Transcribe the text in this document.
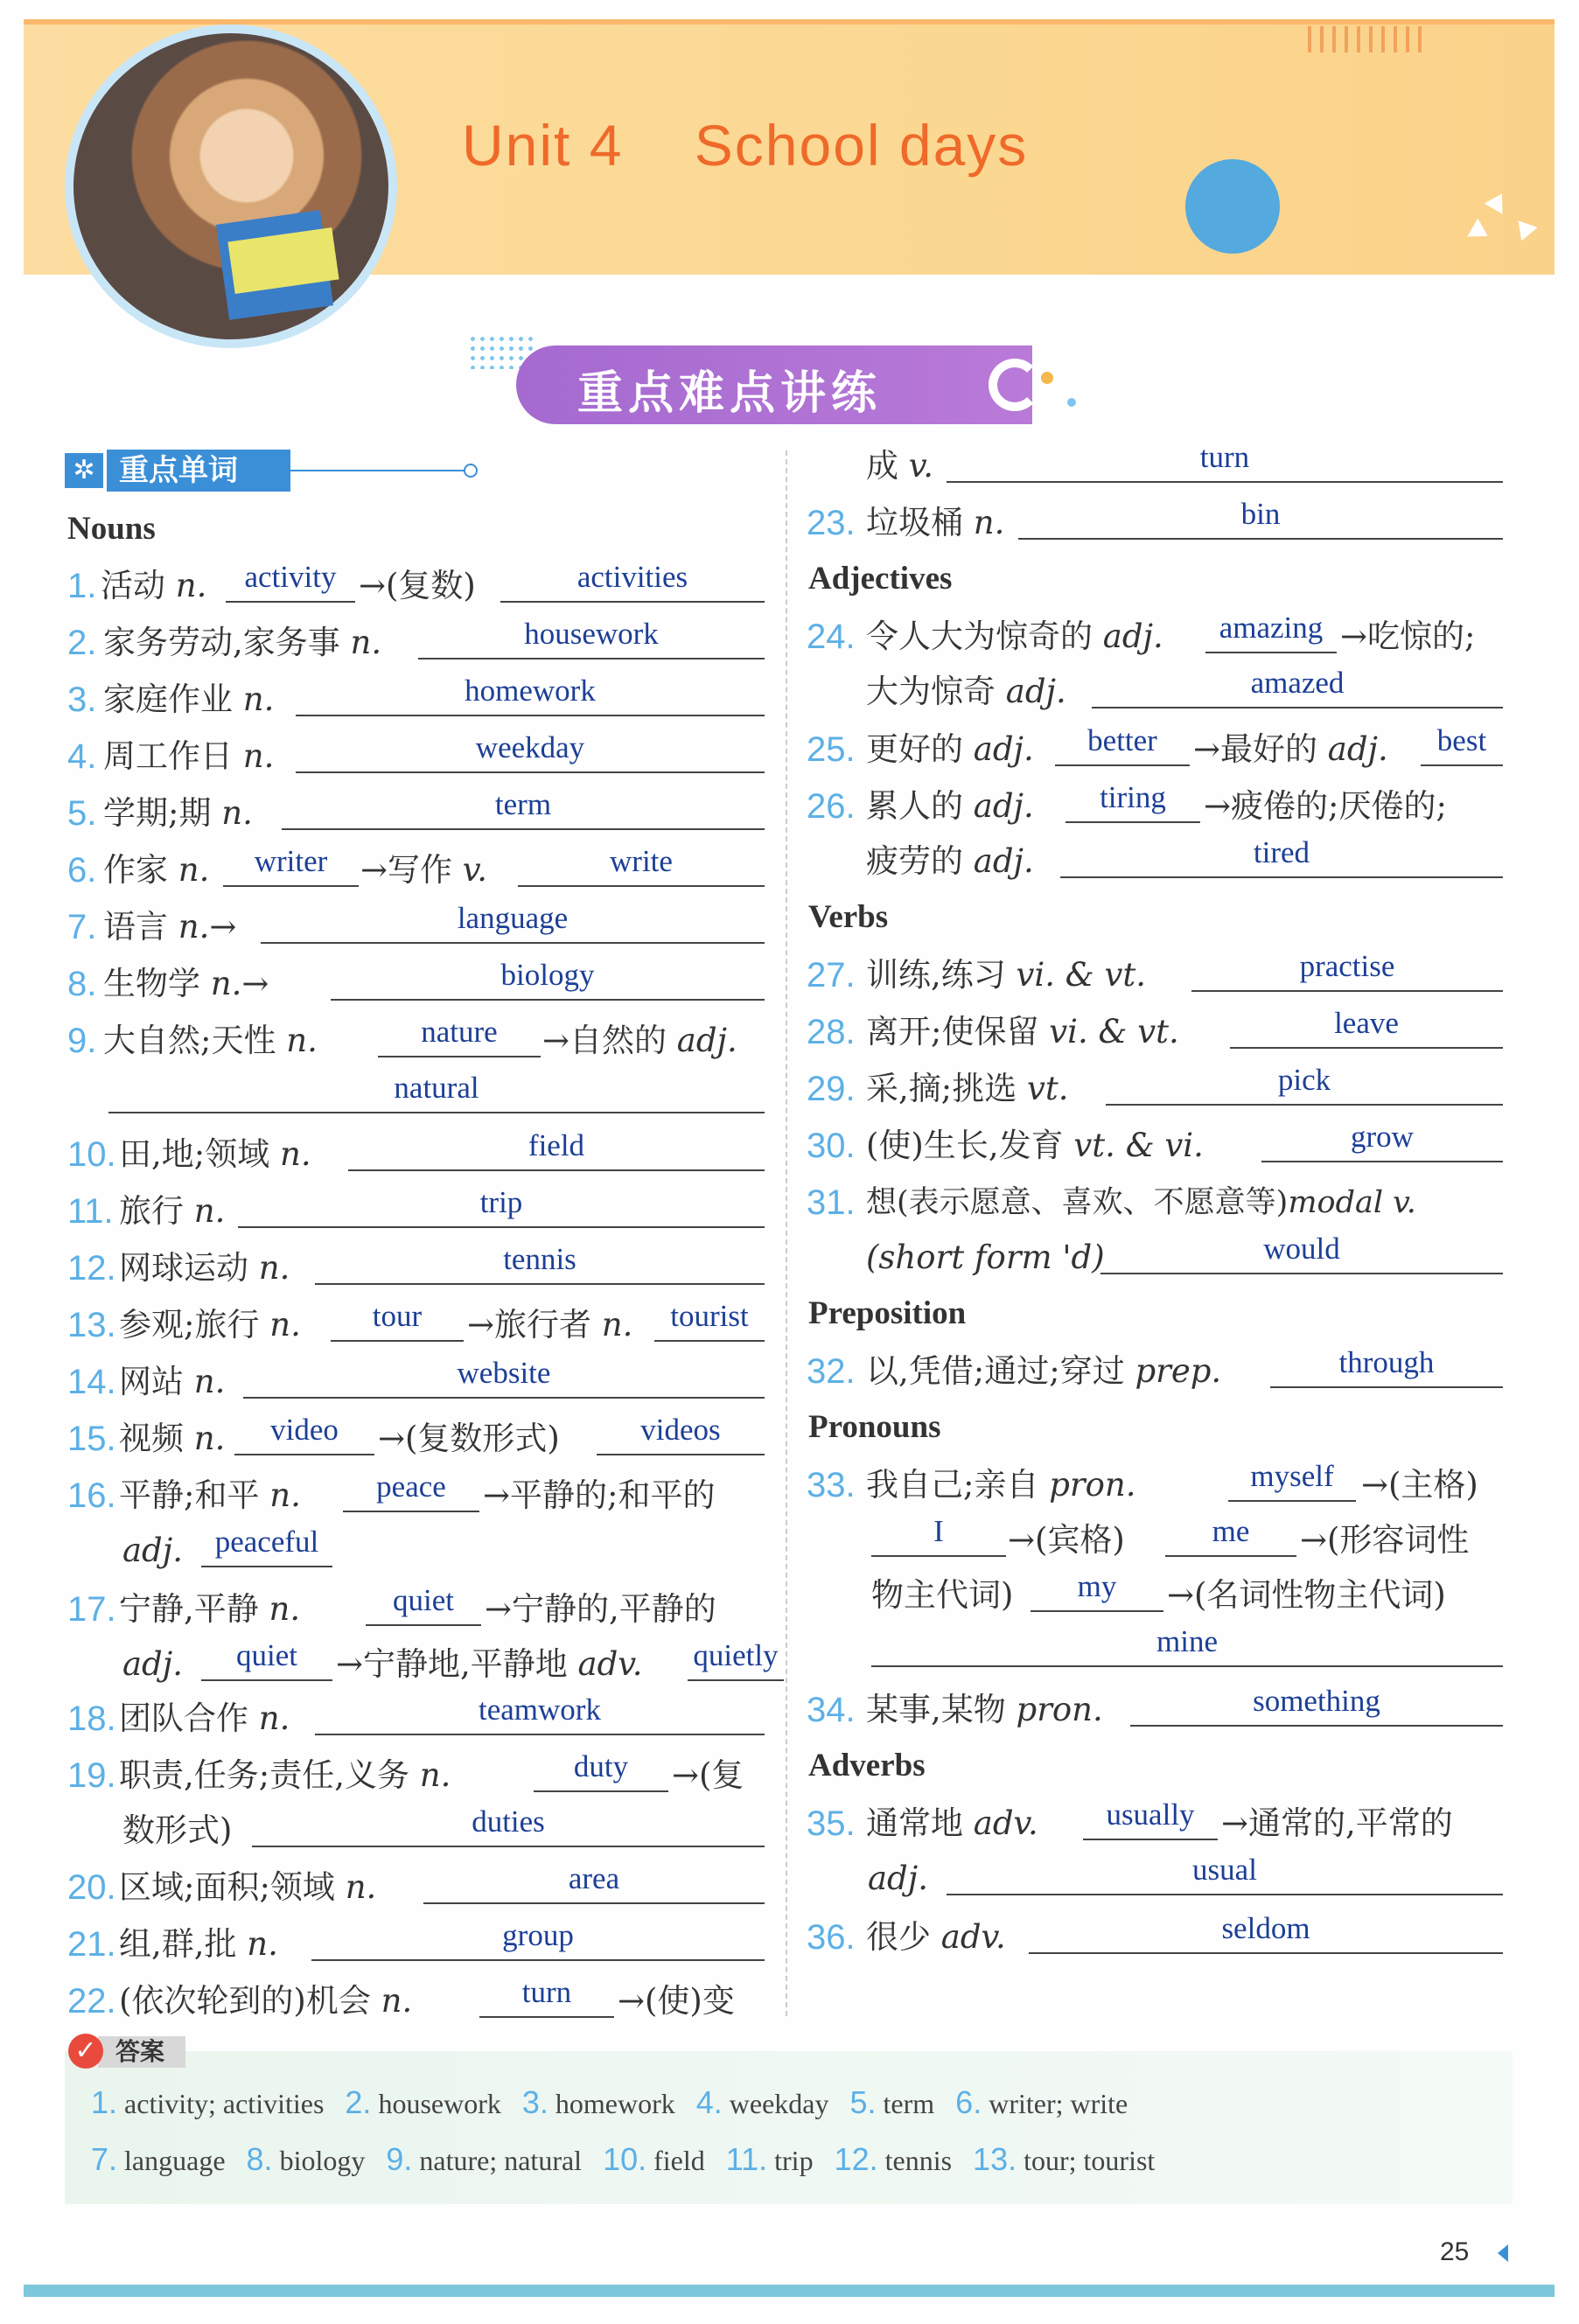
Unit 4    School days
重点难点讲练
✲ 重点单词
Nouns
1. 活动 n.	activity →(复数)	activities
2. 家务劳动,家务事 n.	housework
3. 家庭作业 n.	homework
4. 周工作日 n.	weekday
5. 学期;期 n.	term
6. 作家 n.	writer	→写作 v.	write
7. 语言 n.→	language
8. 生物学 n.→	biology
9. 大自然;天性 n.	nature	→自然的 adj.
natural
10. 田,地;领域 n.	field
11. 旅行 n.	trip
12. 网球运动 n.	tennis
13. 参观;旅行 n.	tour	→旅行者 n.	tourist
14. 网站 n.	website
15. 视频 n.	video	→(复数形式)	videos
16. 平静;和平 n.	peace	→平静的;和平的
adj.	peaceful
17. 宁静,平静 n.	quiet →宁静的,平静的
adj.	quiet	→宁静地,平静地 adv. quietly
18. 团队合作 n.	teamwork
19. 职责,任务;责任,义务 n.	duty	→(复
数形式)	duties
20. 区域;面积;领域 n.	area
21. 组,群,批 n.	group
22. (依次轮到的)机会 n.	turn	→(使)变
成 v.	turn
23. 垃圾桶 n.	bin
Adjectives
24. 令人大为惊奇的 adj.	amazing →吃惊的;
大为惊奇 adj.	amazed
25. 更好的 adj.	better	→最好的 adj.	best
26. 累人的 adj.	tiring	→疲倦的;厌倦的;
疲劳的 adj.	tired
Verbs
27. 训练,练习 vi. & vt.	practise
28. 离开;使保留 vi. & vt.	leave
29. 采,摘;挑选 vt.	pick
30. (使)生长,发育 vt. & vi.	grow
31. 想(表示愿意、喜欢、不愿意等)modal v.
(short form 'd)	would
Preposition
32. 以,凭借;通过;穿过 prep.	through
Pronouns
33. 我自己;亲自 pron.	myself →(主格)
I	→(宾格)	me	→(形容词性
物主代词)	my	→(名词性物主代词)
mine
34. 某事,某物 pron.	something
Adverbs
35. 通常地 adv.	usually →通常的,平常的
adj.	usual
36. 很少 adv.	seldom
答案
✓
1. activity; activities 2. housework 3. homework 4. weekday 5. term 6. writer; write
7. language 8. biology 9. nature; natural 10. field 11. trip 12. tennis 13. tour; tourist
25
